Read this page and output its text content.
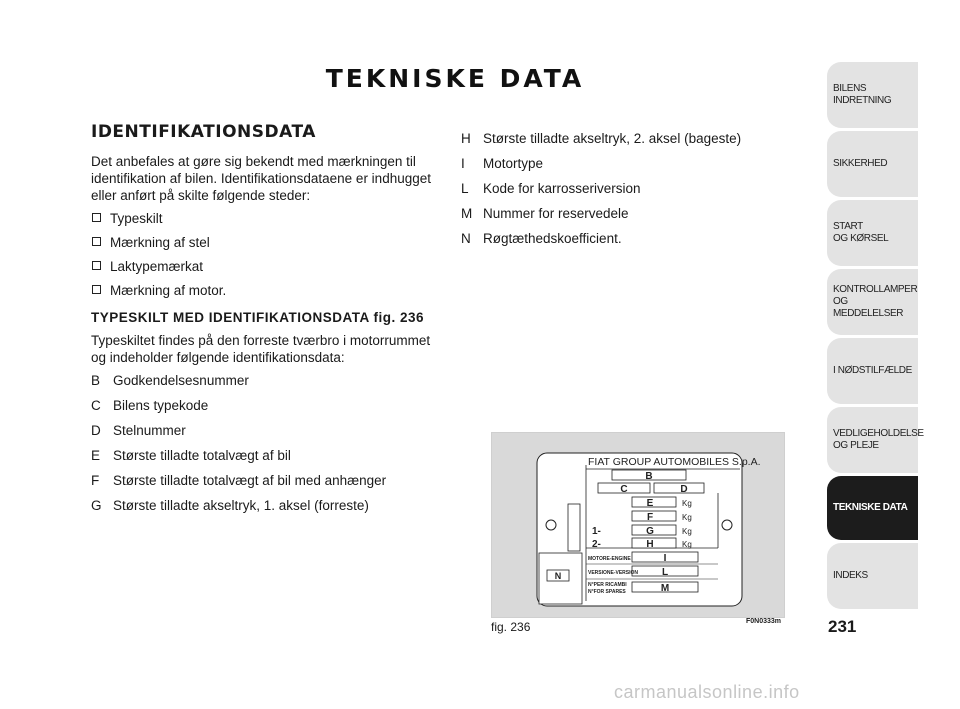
TEKNISKE DATA
IDENTIFIKATIONSDATA

Det anbefales at gøre sig bekendt med mærkningen til identifikation af bilen. Identifikationsdataene er indhugget eller anført på skilte følgende steder:

Typeskilt
Mærkning af stel
Laktypemærkat
Mærkning af motor.
TYPESKILT MED IDENTIFIKATIONSDATA fig. 236

Typeskiltet findes på den forreste tværbro i motorrummet og indeholder følgende identifikationsdata:

B Godkendelsesnummer
C Bilens typekode
D Stelnummer
E Største tilladte totalvægt af bil
F	Største tilladte totalvægt af bil med anhænger
G Største tilladte akseltryk, 1. aksel (forreste)
H Største tilladte akseltryk, 2. aksel (bageste)
I	Motortype
L	Kode for karrosseriversion
M Nummer for reservedele
N Røgtæthedskoefficient.
FIAT GROUP AUTOMOBILES S.p.A.
B
C	D
E
F
G
H
Kg
Kg
Kg
Kg
1-
2-
MOTORE-ENGINE
VERSIONE-VERSION
N°PER RICAMBI
N°FOR SPARES
I
L
M
N
fig. 236	F0N0333m
BILENS
INDRETNING
SIKKERHED
START
OG KØRSEL
KONTROLLAMPER
OG MEDDELELSER
I NØDSTILFÆLDE
VEDLIGEHOLDELSE
OG PLEJE
TEKNISKE DATA
INDEKS
231
carmanualsonline.info
